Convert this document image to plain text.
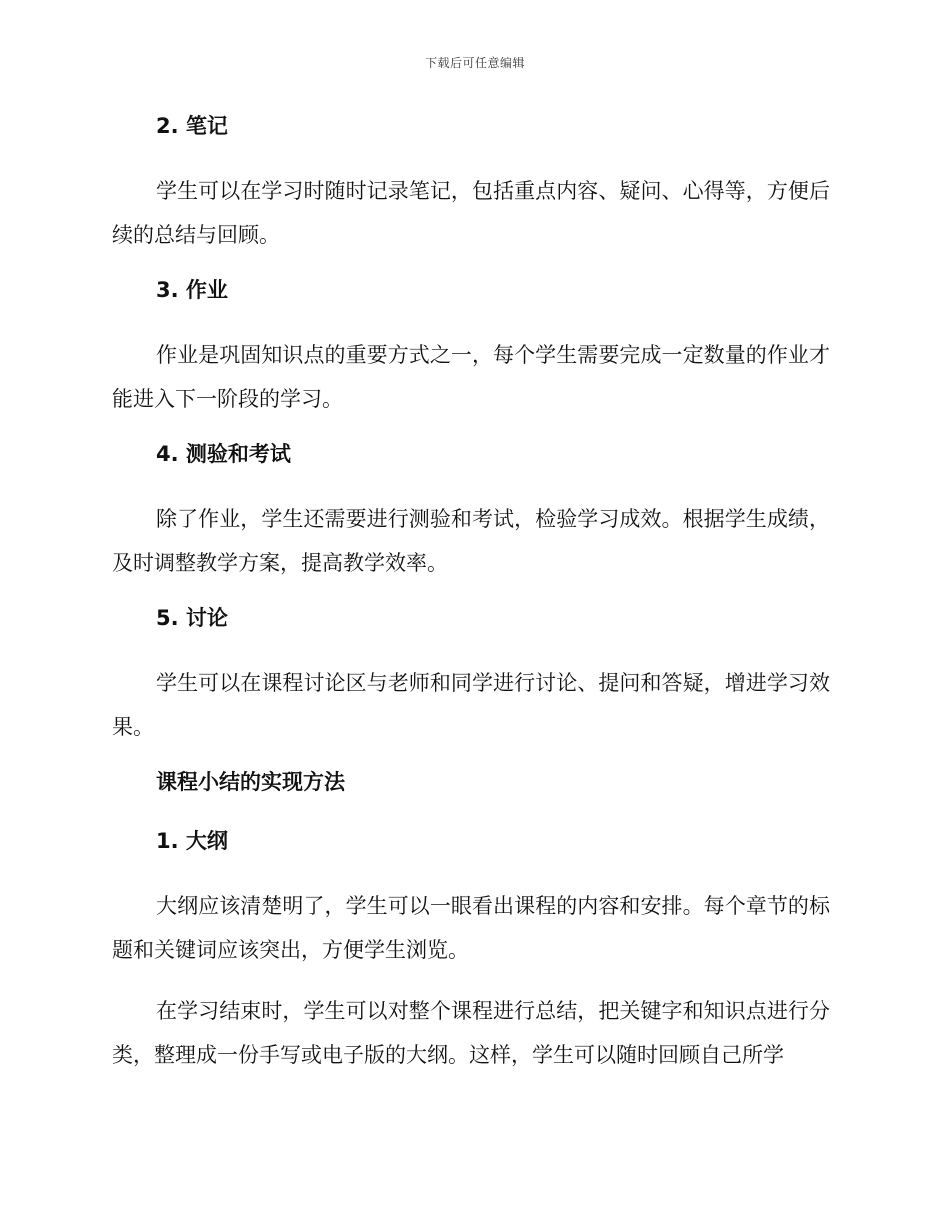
下载后可任意编辑
2. 笔记
学生可以在学习时随时记录笔记，包括重点内容、疑问、心得等，方便后续的总结与回顾。
3. 作业
作业是巩固知识点的重要方式之一，每个学生需要完成一定数量的作业才能进入下一阶段的学习。
4. 测验和考试
除了作业，学生还需要进行测验和考试，检验学习成效。根据学生成绩，及时调整教学方案，提高教学效率。
5. 讨论
学生可以在课程讨论区与老师和同学进行讨论、提问和答疑，增进学习效果。
课程小结的实现方法
1. 大纲
大纲应该清楚明了，学生可以一眼看出课程的内容和安排。每个章节的标题和关键词应该突出，方便学生浏览。
在学习结束时，学生可以对整个课程进行总结，把关键字和知识点进行分类，整理成一份手写或电子版的大纲。这样，学生可以随时回顾自己所学
